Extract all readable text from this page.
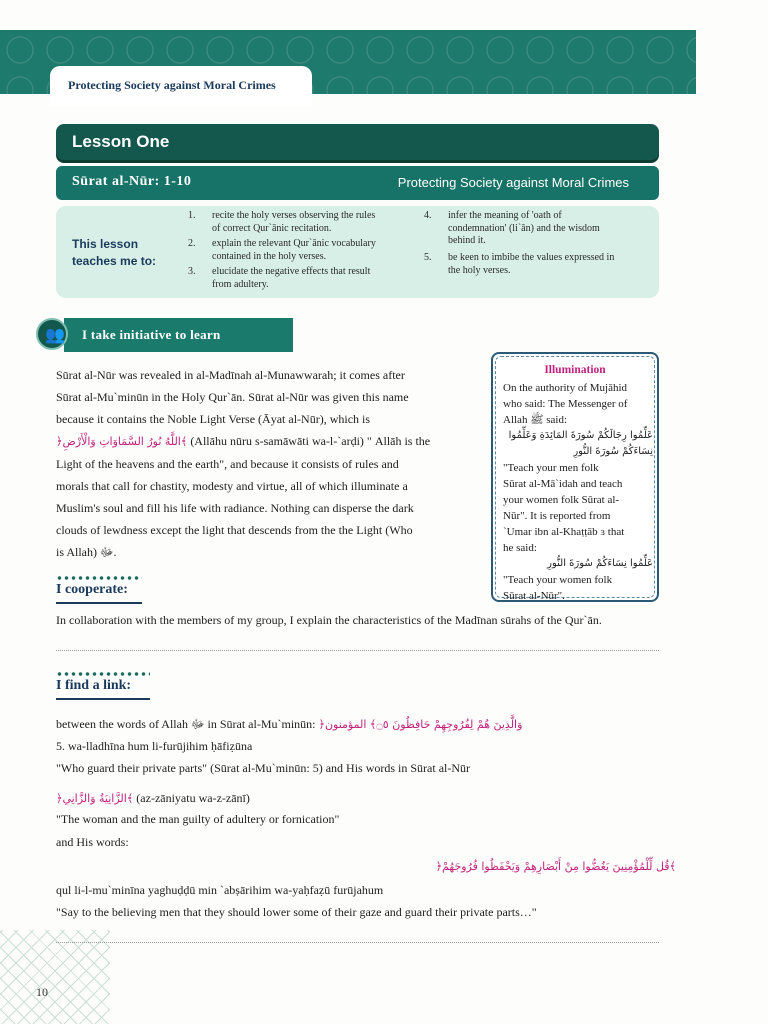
Protecting Society against Moral Crimes
Lesson One
Sūrat al-Nūr: 1-10	Protecting Society against Moral Crimes
This lesson
teaches me to:
1. recite the holy verses observing the rules
of correct Qur`ānic recitation.
2. explain the relevant Qur`ānic vocabulary
contained in the holy verses.
3. elucidate the negative effects that result
from adultery.
4. infer the meaning of 'oath of
condemnation' (li`ān) and the wisdom
behind it.
5. be keen to imbibe the values expressed in
the holy verses.
I take initiative to learn
👥
Sūrat al-Nūr was revealed in al-Madīnah al-Munawwarah; it comes after
Sūrat al-Mu`minūn in the Holy Qur`ān. Sūrat al-Nūr was given this name
because it contains the Noble Light Verse (Āyat al-Nūr), which is
﴿اللَّهُ نُورُ السَّمَاوَاتِ وَالْأَرْضِ﴾ (Allāhu nūru s-samāwāti wa-l-`arḍi) " Allāh is the
Light of the heavens and the earth", and because it consists of rules and
morals that call for chastity, modesty and virtue, all of which illuminate a
Muslim's soul and fill his life with radiance. Nothing can disperse the dark
clouds of lewdness except the light that descends from the the Light (Who
is Allah) ﷻ.
Illumination
On the authority of Mujāhid
who said: The Messenger of
Allah ﷺ said:
عَلِّمُوا رِجَالَكُمْ سُورَةَ المَائِدَةِ وَعَلِّمُوا
نِسَاءَكُمْ سُورَةَ النُّورِ
"Teach your men folk
Sūrat al-Mā`idah and teach
your women folk Sūrat al-
Nūr". It is reported from
`Umar ibn al-Khaṭṭāb ɜ that
he said:
عَلِّمُوا نِسَاءَكُمْ سُورَةَ النُّورِ
"Teach your women folk
Sūrat al-Nūr".
I cooperate:
In collaboration with the members of my group, I explain the characteristics of the Madīnan sūrahs of the Qur`ān.
I find a link:
between the words of Allah ﷻ in Sūrat al-Mu`minūn: ﴿وَالَّذِينَ هُمْ لِفُرُوجِهِمْ حَافِظُونَ ۝٥﴾ المؤمنون
5. wa-lladhīna hum li-furūjihim ḥāfiẓūna
"Who guard their private parts" (Sūrat al-Mu`minūn: 5) and His words in Sūrat al-Nūr
﴿الزَّانِيَةُ وَالزَّانِي﴾ (az-zāniyatu wa-z-zānī)
"The woman and the man guilty of adultery or fornication"
and His words:
﴿قُل لِّلْمُؤْمِنِينَ يَغُضُّوا مِنْ أَبْصَارِهِمْ وَيَحْفَظُوا فُرُوجَهُمْ﴾
qul li-l-mu`minīna yaghuḍḍū min `abṣārihim wa-yaḥfaẓū furūjahum
"Say to the believing men that they should lower some of their gaze and guard their private parts…"
10
